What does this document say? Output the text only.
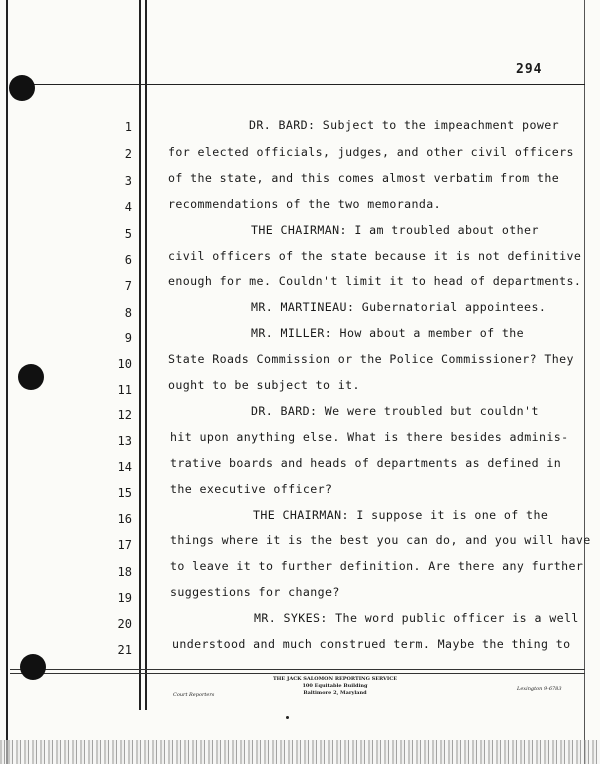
294
1	DR. BARD: Subject to the impeachment power
2	for elected officials, judges, and other civil officers
3	of the state, and this comes almost verbatim from the
4	recommendations of the two memoranda.
5	THE CHAIRMAN: I am troubled about other
6	civil officers of the state because it is not definitive
7	enough for me. Couldn't limit it to head of departments.
8	MR. MARTINEAU: Gubernatorial appointees.
9	MR. MILLER: How about a member of the
10	State Roads Commission or the Police Commissioner? They
11	ought to be subject to it.
12	DR. BARD: We were troubled but couldn't
13	hit upon anything else. What is there besides adminis-
14	trative boards and heads of departments as defined in
15	the executive officer?
16	THE CHAIRMAN: I suppose it is one of the
17	things where it is the best you can do, and you will have
18	to leave it to further definition. Are there any further
19	suggestions for change?
20	MR. SYKES: The word public officer is a well
21	understood and much construed term. Maybe the thing to
THE JACK SALOMON REPORTING SERVICE
100 Equitable Building
Baltimore 2, Maryland
Court Reporters
Lexington 9-6783
